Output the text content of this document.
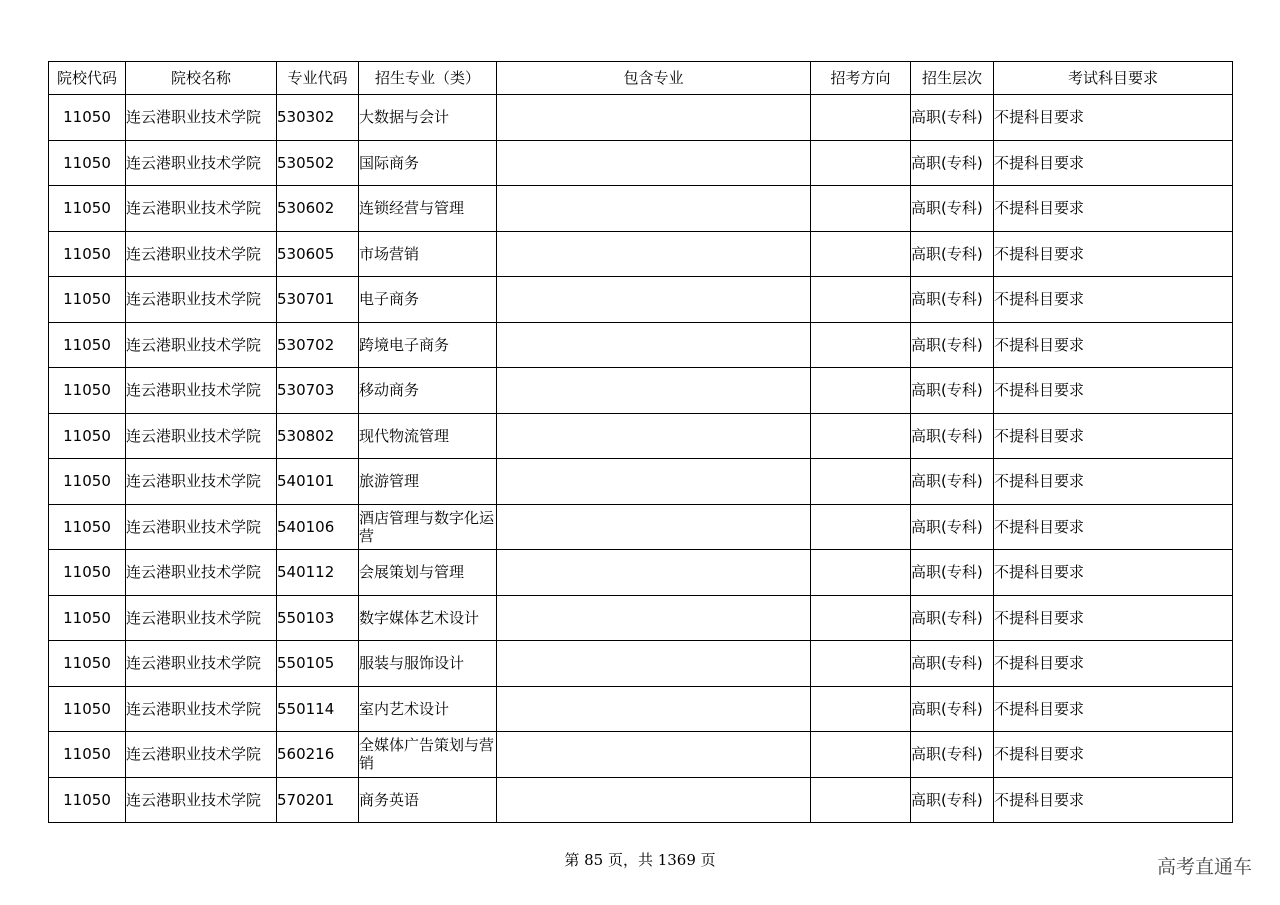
院校代码	院校名称	专业代码	招生专业（类）	包含专业	招考方向	招生层次	考试科目要求
11050	连云港职业技术学院	530302	大数据与会计			高职(专科)	不提科目要求
11050	连云港职业技术学院	530502	国际商务			高职(专科)	不提科目要求
11050	连云港职业技术学院	530602	连锁经营与管理			高职(专科)	不提科目要求
11050	连云港职业技术学院	530605	市场营销			高职(专科)	不提科目要求
11050	连云港职业技术学院	530701	电子商务			高职(专科)	不提科目要求
11050	连云港职业技术学院	530702	跨境电子商务			高职(专科)	不提科目要求
11050	连云港职业技术学院	530703	移动商务			高职(专科)	不提科目要求
11050	连云港职业技术学院	530802	现代物流管理			高职(专科)	不提科目要求
11050	连云港职业技术学院	540101	旅游管理			高职(专科)	不提科目要求
11050	连云港职业技术学院	540106	酒店管理与数字化运营			高职(专科)	不提科目要求
11050	连云港职业技术学院	540112	会展策划与管理			高职(专科)	不提科目要求
11050	连云港职业技术学院	550103	数字媒体艺术设计			高职(专科)	不提科目要求
11050	连云港职业技术学院	550105	服装与服饰设计			高职(专科)	不提科目要求
11050	连云港职业技术学院	550114	室内艺术设计			高职(专科)	不提科目要求
11050	连云港职业技术学院	560216	全媒体广告策划与营销			高职(专科)	不提科目要求
11050	连云港职业技术学院	570201	商务英语			高职(专科)	不提科目要求
第 85 页，共 1369 页	高考直通车
